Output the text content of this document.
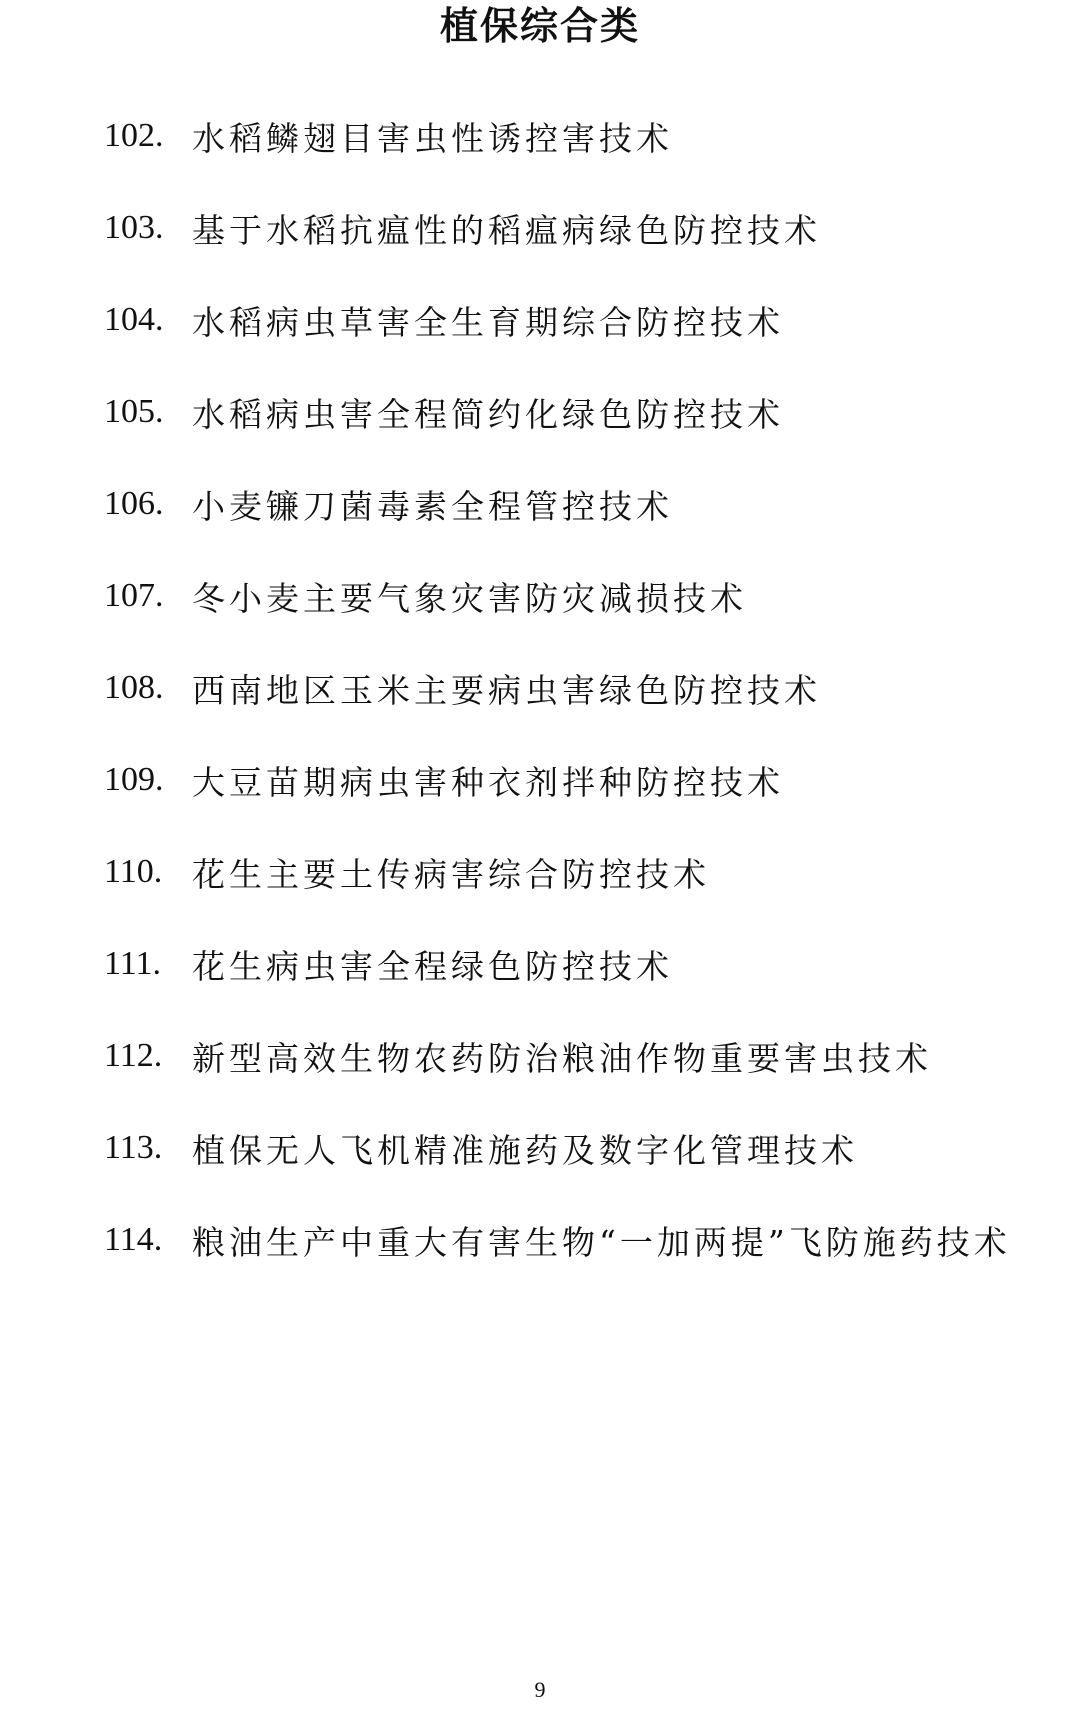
植保综合类
102. 水稻鳞翅目害虫性诱控害技术
103. 基于水稻抗瘟性的稻瘟病绿色防控技术
104. 水稻病虫草害全生育期综合防控技术
105. 水稻病虫害全程简约化绿色防控技术
106. 小麦镰刀菌毒素全程管控技术
107. 冬小麦主要气象灾害防灾减损技术
108. 西南地区玉米主要病虫害绿色防控技术
109. 大豆苗期病虫害种衣剂拌种防控技术
110. 花生主要土传病害综合防控技术
111. 花生病虫害全程绿色防控技术
112. 新型高效生物农药防治粮油作物重要害虫技术
113. 植保无人飞机精准施药及数字化管理技术
114. 粮油生产中重大有害生物“一加两提”飞防施药技术
9
